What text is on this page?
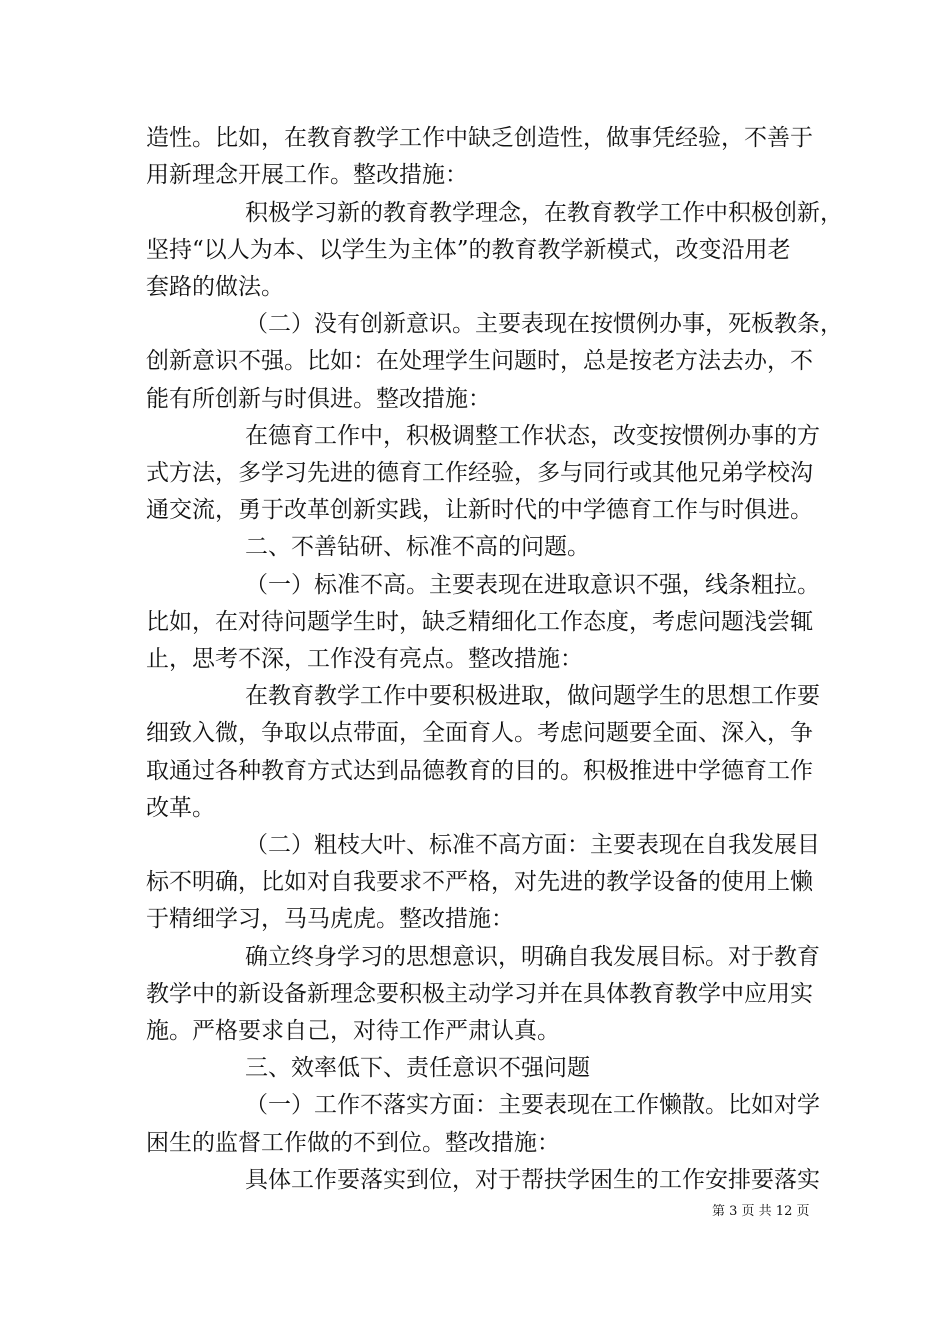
造性。比如，在教育教学工作中缺乏创造性，做事凭经验，不善于
用新理念开展工作。整改措施：
积极学习新的教育教学理念，在教育教学工作中积极创新，
坚持“以人为本、以学生为主体”的教育教学新模式，改变沿用老
套路的做法。
（二）没有创新意识。主要表现在按惯例办事，死板教条，
创新意识不强。比如：在处理学生问题时，总是按老方法去办，不
能有所创新与时俱进。整改措施：
在德育工作中，积极调整工作状态，改变按惯例办事的方
式方法，多学习先进的德育工作经验，多与同行或其他兄弟学校沟
通交流，勇于改革创新实践，让新时代的中学德育工作与时俱进。
二、不善钻研、标准不高的问题。
（一）标准不高。主要表现在进取意识不强，线条粗拉。
比如，在对待问题学生时，缺乏精细化工作态度，考虑问题浅尝辄
止，思考不深，工作没有亮点。整改措施：
在教育教学工作中要积极进取，做问题学生的思想工作要
细致入微，争取以点带面，全面育人。考虑问题要全面、深入，争
取通过各种教育方式达到品德教育的目的。积极推进中学德育工作
改革。
（二）粗枝大叶、标准不高方面：主要表现在自我发展目
标不明确，比如对自我要求不严格，对先进的教学设备的使用上懒
于精细学习，马马虎虎。整改措施：
确立终身学习的思想意识，明确自我发展目标。对于教育
教学中的新设备新理念要积极主动学习并在具体教育教学中应用实
施。严格要求自己，对待工作严肃认真。
三、效率低下、责任意识不强问题
（一）工作不落实方面：主要表现在工作懒散。比如对学
困生的监督工作做的不到位。整改措施：
具体工作要落实到位，对于帮扶学困生的工作安排要落实
第 3 页 共 12 页
